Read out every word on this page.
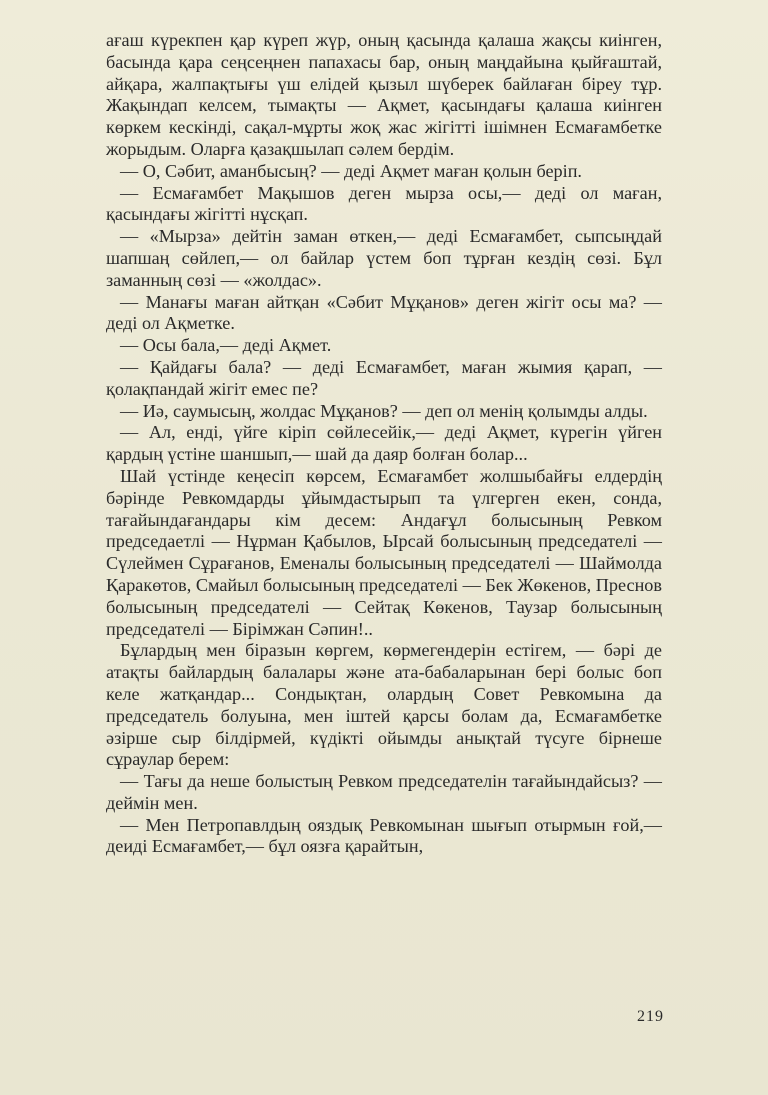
ағаш күрекпен қар күреп жүр, оның қасында қалаша жақсы киінген, басында қара сеңсеңнен папахасы бар, оның маңдайына қыйғаштай, айқара, жалпақтығы үш елідей қызыл шүберек байлаған біреу тұр. Жақындап келсем, тымақты — Ақмет, қасындағы қалаша киінген көркем кескінді, сақал-мұрты жоқ жас жігітті ішімнен Есмағамбетке жорыдым. Оларға қазақшылап сәлем бердім.

— О, Сәбит, аманбысың? — деді Ақмет маған қолын беріп.

— Есмағамбет Мақышов деген мырза осы,— деді ол маған, қасындағы жігітті нұсқап.

— «Мырза» дейтін заман өткен,— деді Есмағамбет, сыпсыңдай шапшаң сөйлеп,— ол байлар үстем боп тұрған кездің сөзі. Бұл заманның сөзі — «жолдас».

— Манағы маған айтқан «Сәбит Мұқанов» деген жігіт осы ма? — деді ол Ақметке.

— Осы бала,— деді Ақмет.

— Қайдағы бала? — деді Есмағамбет, маған жымия қарап, — қолақпандай жігіт емес пе?

— Иә, саумысың, жолдас Мұқанов? — деп ол менің қолымды алды.

— Ал, енді, үйге кіріп сөйлесейік,— деді Ақмет, күрегін үйген қардың үстіне шаншып,— шай да даяр болған болар...

Шай үстінде кеңесіп көрсем, Есмағамбет жолшыбайғы елдердің бәрінде Ревкомдарды ұйымдастырып та үлгерген екен, сонда, тағайындағандары кім десем: Андағұл болысының Ревком председаетлі — Нұрман Қабылов, Ырсай болысының председателі — Сүлеймен Сұрағанов, Еменалы болысының председателі — Шаймолда Қаракөтов, Смайыл болысының председателі — Бек Жөкенов, Преснов болысының председателі — Сейтақ Көкенов, Таузар болысының председателі — Бірімжан Сәпин!..

Бұлардың мен біразын көргем, көрмегендерін естігем, — бәрі де атақты байлардың балалары және ата-бабаларынан бері болыс боп келе жатқандар... Сондықтан, олардың Совет Ревкомына да председатель болуына, мен іштей қарсы болам да, Есмағамбетке әзірше сыр білдірмей, күдікті ойымды анықтай түсуге бірнеше сұраулар берем:

— Тағы да нешe болыстың Ревком председателін тағайындайсыз? — деймін мен.

— Мен Петропавлдың ояздық Ревкомынан шығып отырмын ғой,— деиді Есмағамбет,— бұл оязға қарайтын,

219
